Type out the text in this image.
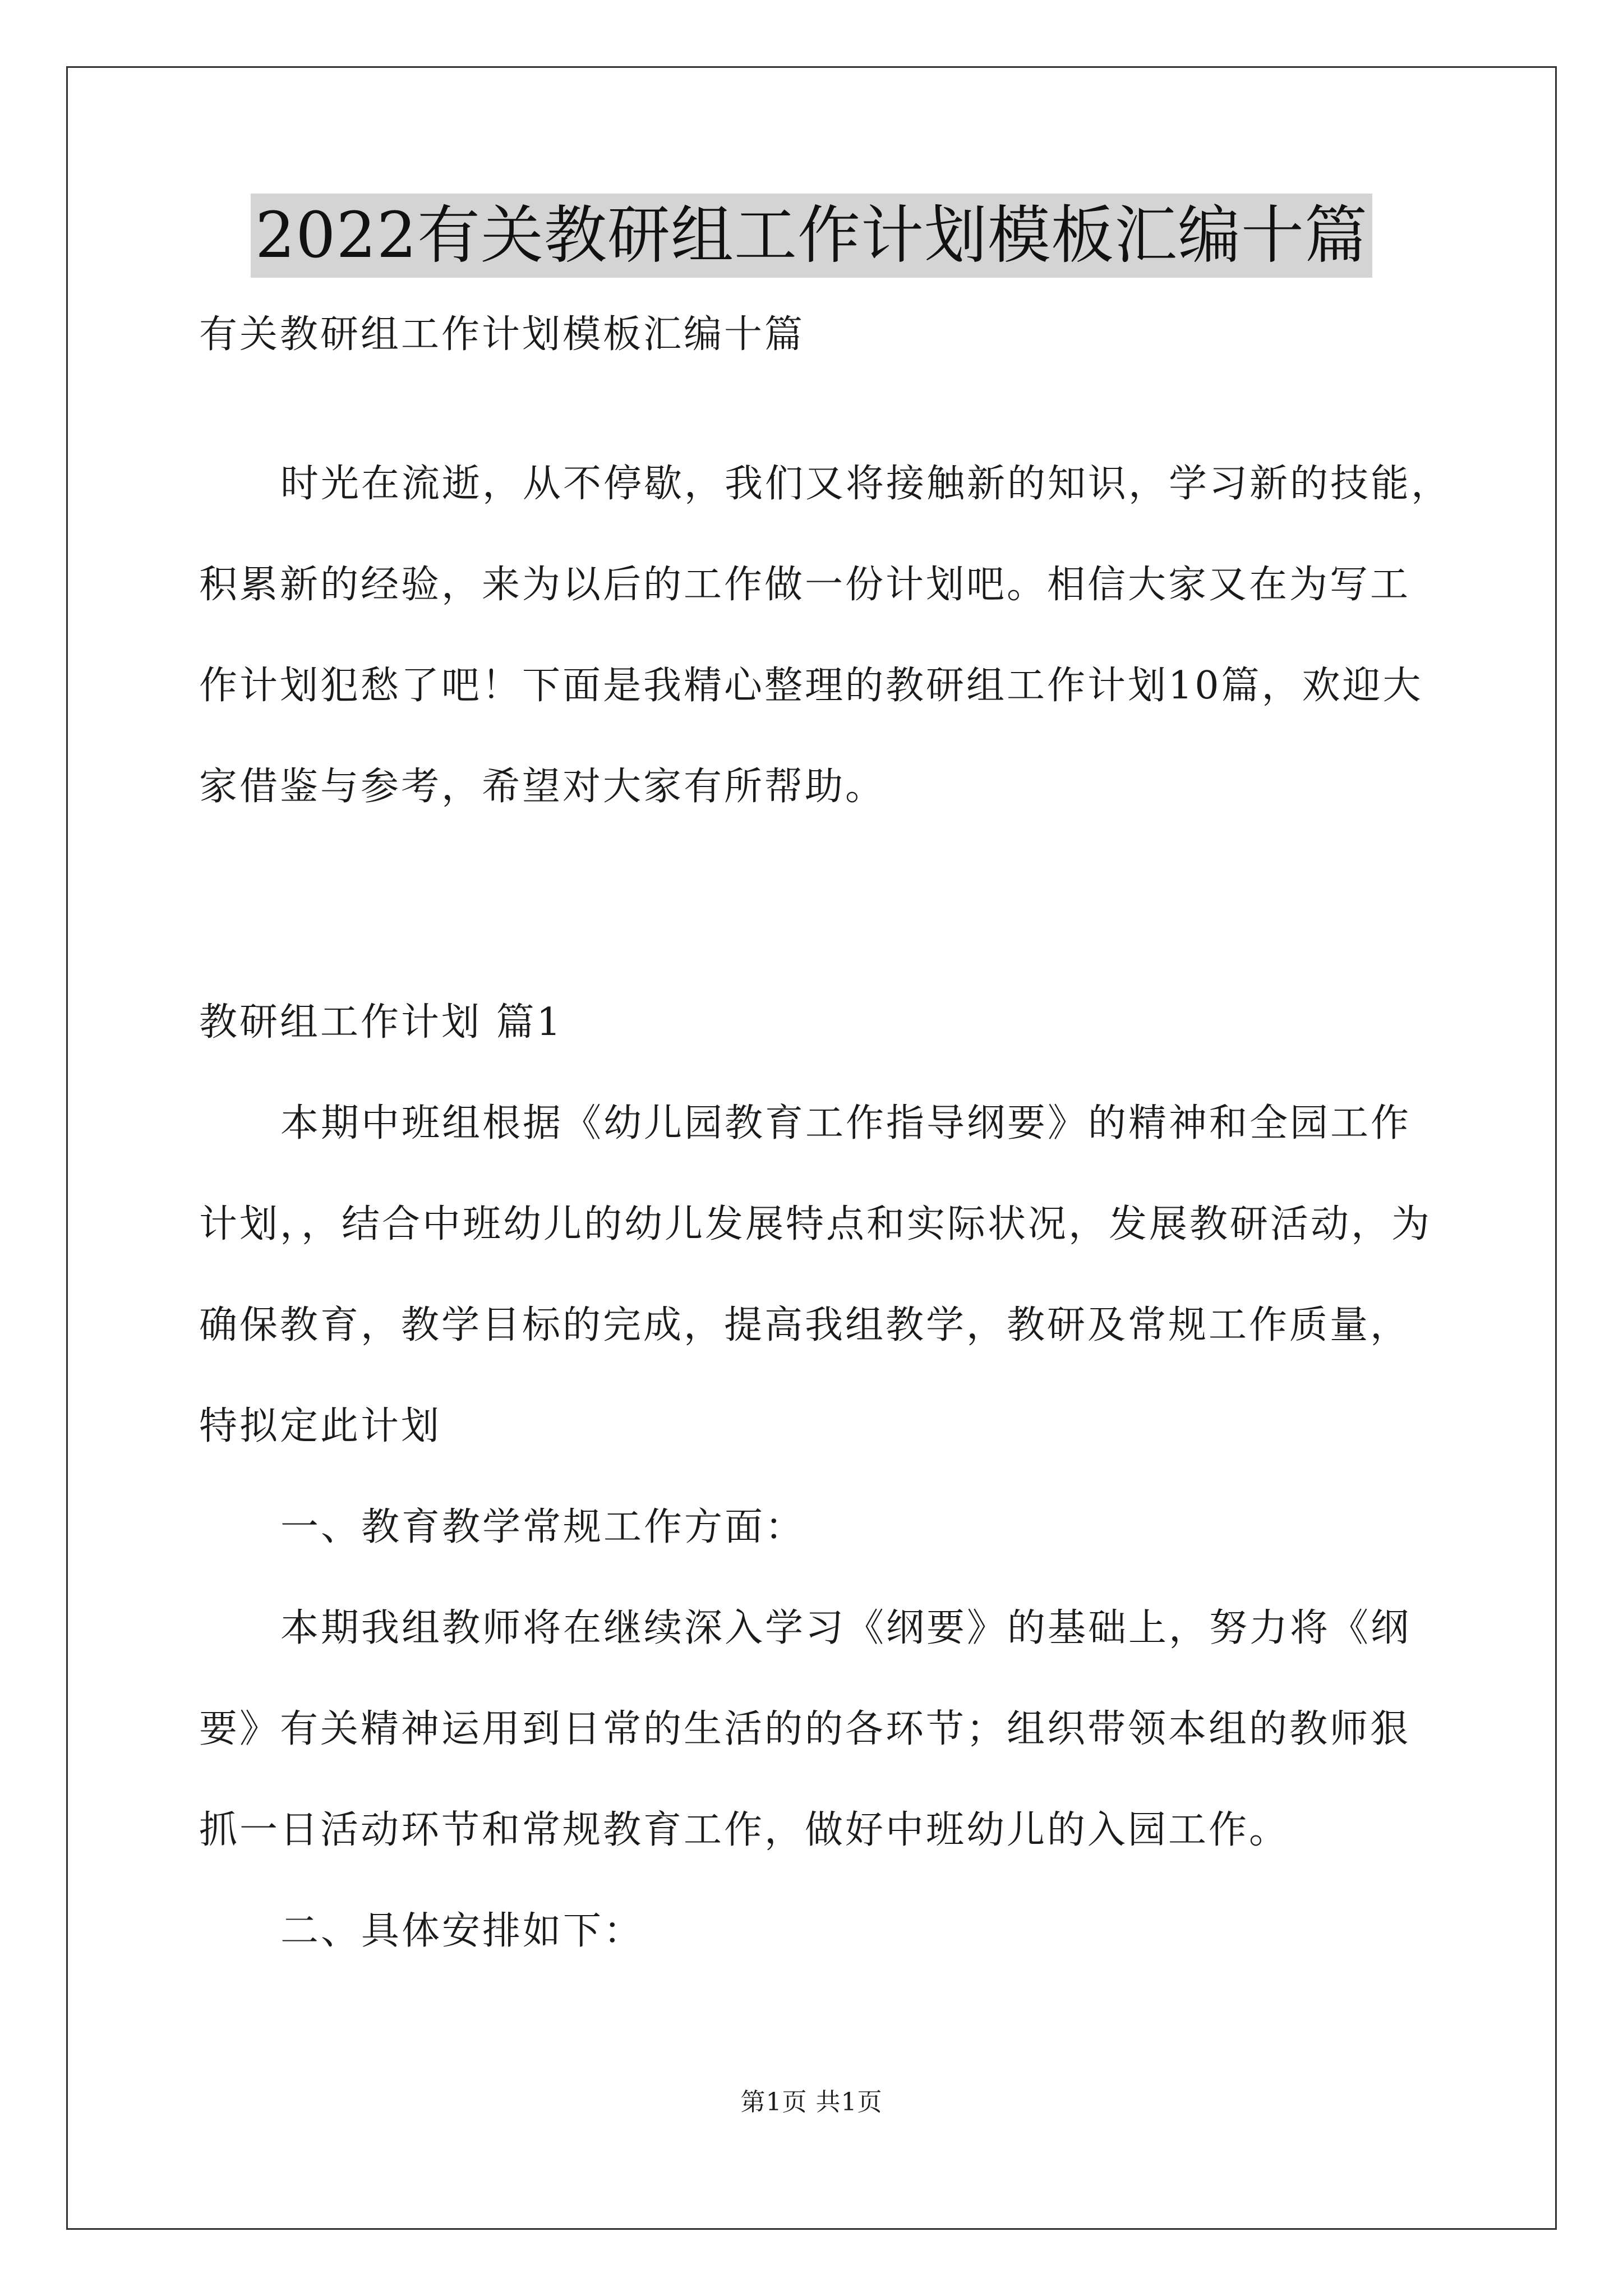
2022有关教研组工作计划模板汇编十篇
有关教研组工作计划模板汇编十篇
时光在流逝，从不停歇，我们又将接触新的知识，学习新的技能，
积累新的经验，来为以后的工作做一份计划吧。相信大家又在为写工
作计划犯愁了吧！下面是我精心整理的教研组工作计划10篇，欢迎大
家借鉴与参考，希望对大家有所帮助。
教研组工作计划 篇1
本期中班组根据《幼儿园教育工作指导纲要》的精神和全园工作
计划，，结合中班幼儿的幼儿发展特点和实际状况，发展教研活动，为
确保教育，教学目标的完成，提高我组教学，教研及常规工作质量，
特拟定此计划
一、教育教学常规工作方面：
本期我组教师将在继续深入学习《纲要》的基础上，努力将《纲
要》有关精神运用到日常的生活的的各环节；组织带领本组的教师狠
抓一日活动环节和常规教育工作，做好中班幼儿的入园工作。
二、具体安排如下：
第1页 共1页
